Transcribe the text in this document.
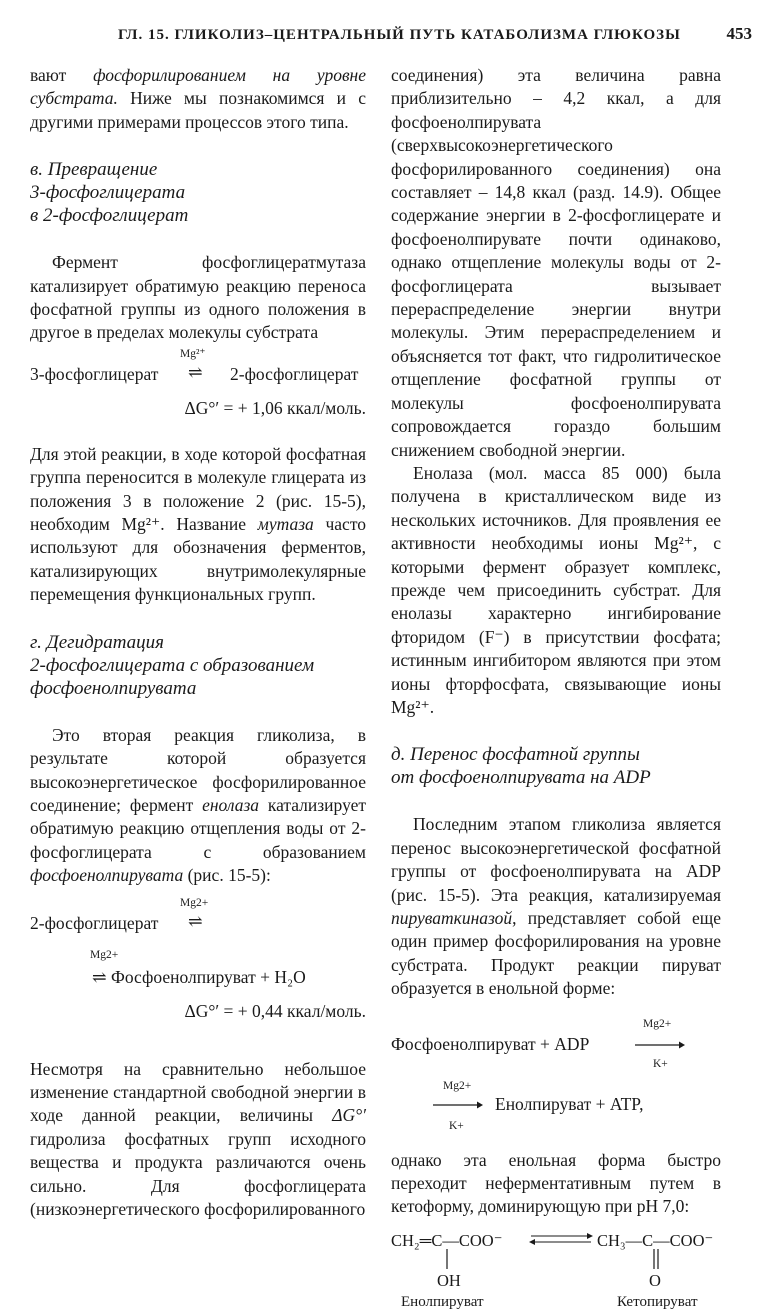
ГЛ. 15. ГЛИКОЛИЗ–ЦЕНТРАЛЬНЫЙ ПУТЬ КАТАБОЛИЗМА ГЛЮКОЗЫ	453

вают фосфорилированием на уровне субстрата. Ниже мы познакомимся и с другими примерами процессов этого типа.

в. Превращение
3-фосфоглицерата
в 2-фосфоглицерат

Фермент фосфоглицератмутаза катализирует обратимую реакцию переноса фосфатной группы из одного положения в другое в пределах молекулы субстрата

Mg²⁺
3-фосфоглицерат ⇌ 2-фосфоглицерат
ΔG°′ = + 1,06 ккал/моль.

Для этой реакции, в ходе которой фосфатная группа переносится в молекуле глицерата из положения 3 в положение 2 (рис. 15-5), необходим Mg²⁺. Название мутаза часто используют для обозначения ферментов, катализирующих внутримолекулярные перемещения функциональных групп.

г. Дегидратация
2-фосфоглицерата с образованием
фосфоенолпирувата

Это вторая реакция гликолиза, в результате которой образуется высокоэнергетическое фосфорилированное соединение; фермент енолаза катализирует обратимую реакцию отщепления воды от 2-фосфоглицерата с образованием фосфоенолпирувата (рис. 15-5):

Mg2+
2-фосфоглицерат ⇌
Mg2+
⇌ Фосфоенолпируват + H₂O
ΔG°′ = + 0,44 ккал/моль.

Несмотря на сравнительно небольшое изменение стандартной свободной энергии в ходе данной реакции, величины ΔG°′ гидролиза фосфатных групп исходного вещества и продукта различаются очень сильно. Для фосфоглицерата (низкоэнергетического фосфорилированного

соединения) эта величина равна приблизительно – 4,2 ккал, а для фосфоенолпирувата (сверхвысокоэнергетического фосфорилированного соединения) она составляет – 14,8 ккал (разд. 14.9). Общее содержание энергии в 2-фосфоглицерате и фосфоенолпирувате почти одинаково, однако отщепление молекулы воды от 2-фосфоглицерата вызывает перераспределение энергии внутри молекулы. Этим перераспределением и объясняется тот факт, что гидролитическое отщепление фосфатной группы от молекулы фосфоенолпирувата сопровождается гораздо большим снижением свободной энергии.

Енолаза (мол. масса 85 000) была получена в кристаллическом виде из нескольких источников. Для проявления ее активности необходимы ионы Mg²⁺, с которыми фермент образует комплекс, прежде чем присоединить субстрат. Для енолазы характерно ингибирование фторидом (F⁻) в присутствии фосфата; истинным ингибитором являются при этом ионы фторфосфата, связывающие ионы Mg²⁺.

д. Перенос фосфатной группы
от фосфоенолпирувата на ADP

Последним этапом гликолиза является перенос высокоэнергетической фосфатной группы от фосфоенолпирувата на ADP (рис. 15-5). Эта реакция, катализируемая пируваткиназой, представляет собой еще один пример фосфорилирования на уровне субстрата. Продукт реакции пируват образуется в енольной форме:

Mg2+
Фосфоенолпируват + ADP
K+
Mg2+
→ Енолпируват + ATP,
K+

однако эта енольная форма быстро переходит неферментативным путем в кетоформу, доминирующую при pH 7,0:

CH₂═C—COO⁻
OH
Енолпируват
⇌ CH₃—C—COO⁻
O
Кетопируват
